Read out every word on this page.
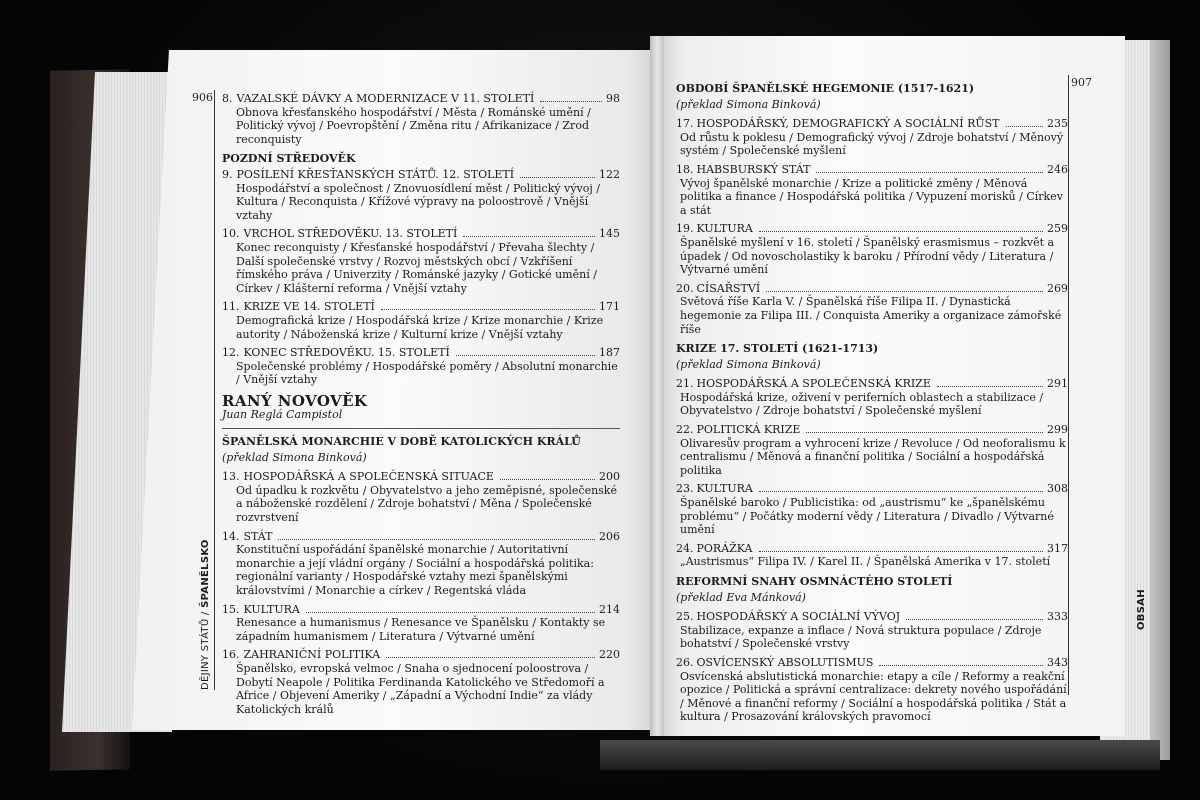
906
907
DĚJINY STÁTŮ / ŠPANĚLSKO
OBSAH
8. VAZALSKÉ DÁVKY A MODERNIZACE V 11. STOLETÍ	98
Obnova křesťanského hospodářství / Města / Románské umění / Politický vývoj / Poevropštění / Změna ritu / Afrikanizace / Zrod reconquisty
POZDNÍ STŘEDOVĚK
9. POSÍLENÍ KŘESŤANSKÝCH STÁTŮ. 12. STOLETÍ	122
Hospodářství a společnost / Znovuosídlení měst / Politický vývoj / Kultura / Reconquista / Křížové výpravy na poloostrově / Vnější vztahy
10. VRCHOL STŘEDOVĚKU. 13. STOLETÍ	145
Konec reconquisty / Křesťanské hospodářství / Převaha šlechty / Další společenské vrstvy / Rozvoj městských obcí / Vzkříšení římského práva / Univerzity / Románské jazyky / Gotické umění / Církev / Klášterní reforma / Vnější vztahy
11. KRIZE VE 14. STOLETÍ	171
Demografická krize / Hospodářská krize / Krize monarchie / Krize autority / Náboženská krize / Kulturní krize / Vnější vztahy
12. KONEC STŘEDOVĚKU. 15. STOLETÍ	187
Společenské problémy / Hospodářské poměry / Absolutní monarchie / Vnější vztahy
RANÝ NOVOVĚK
Juan Reglá Campistol
ŠPANĚLSKÁ MONARCHIE V DOBĚ KATOLICKÝCH KRÁLŮ
(překlad Simona Binková)
13. HOSPODÁŘSKÁ A SPOLEČENSKÁ SITUACE	200
Od úpadku k rozkvětu / Obyvatelstvo a jeho zeměpisné, společenské a náboženské rozdělení / Zdroje bohatství / Měna / Společenské rozvrstvení
14. STÁT	206
Konstituční uspořádání španělské monarchie / Autoritativní monarchie a její vládní orgány / Sociální a hospodářská politika: regionální varianty / Hospodářské vztahy mezi španělskými královstvími / Monarchie a církev / Regentská vláda
15. KULTURA	214
Renesance a humanismus / Renesance ve Španělsku / Kontakty se západním humanismem / Literatura / Výtvarné umění
16. ZAHRANIČNÍ POLITIKA	220
Španělsko, evropská velmoc / Snaha o sjednocení poloostrova / Dobytí Neapole / Politika Ferdinanda Katolického ve Středomoří a Africe / Objevení Ameriky / „Západní a Východní Indie“ za vlády Katolických králů
OBDOBÍ ŠPANĚLSKÉ HEGEMONIE (1517-1621)
(překlad Simona Binková)
17. HOSPODÁŘSKÝ, DEMOGRAFICKÝ A SOCIÁLNÍ RŮST	235
Od růstu k poklesu / Demografický vývoj / Zdroje bohatství / Měnový systém / Společenské myšlení
18. HABSBURSKÝ STÁT	246
Vývoj španělské monarchie / Krize a politické změny / Měnová politika a finance / Hospodářská politika / Vypuzení morisků / Církev a stát
19. KULTURA	259
Španělské myšlení v 16. století / Španělský erasmismus – rozkvět a úpadek / Od novoscholastiky k baroku / Přírodní vědy / Literatura / Výtvarné umění
20. CÍSAŘSTVÍ	269
Světová říše Karla V. / Španělská říše Filipa II. / Dynastická hegemonie za Filipa III. / Conquista Ameriky a organizace zámořské říše
KRIZE 17. STOLETÍ (1621-1713)
(překlad Simona Binková)
21. HOSPODÁŘSKÁ A SPOLEČENSKÁ KRIZE	291
Hospodářská krize, oživení v periferních oblastech a stabilizace / Obyvatelstvo / Zdroje bohatství / Společenské myšlení
22. POLITICKÁ KRIZE	299
Olivaresův program a vyhrocení krize / Revoluce / Od neoforalismu k centralismu / Měnová a finanční politika / Sociální a hospodářská politika
23. KULTURA	308
Španělské baroko / Publicistika: od „austrismu“ ke „španělskému problému“ / Počátky moderní vědy / Literatura / Divadlo / Výtvarné umění
24. PORÁŽKA	317
„Austrismus“ Filipa IV. / Karel II. / Španělská Amerika v 17. století
REFORMNÍ SNAHY OSMNÁCTÉHO STOLETÍ
(překlad Eva Mánková)
25. HOSPODÁŘSKÝ A SOCIÁLNÍ VÝVOJ	333
Stabilizace, expanze a inflace / Nová struktura populace / Zdroje bohatství / Společenské vrstvy
26. OSVÍCENSKÝ ABSOLUTISMUS	343
Osvícenská abslutistická monarchie: etapy a cíle / Reformy a reakční opozice / Politická a správní centralizace: dekrety nového uspořádání / Měnové a finanční reformy / Sociální a hospodářská politika / Stát a kultura / Prosazování královských pravomocí
